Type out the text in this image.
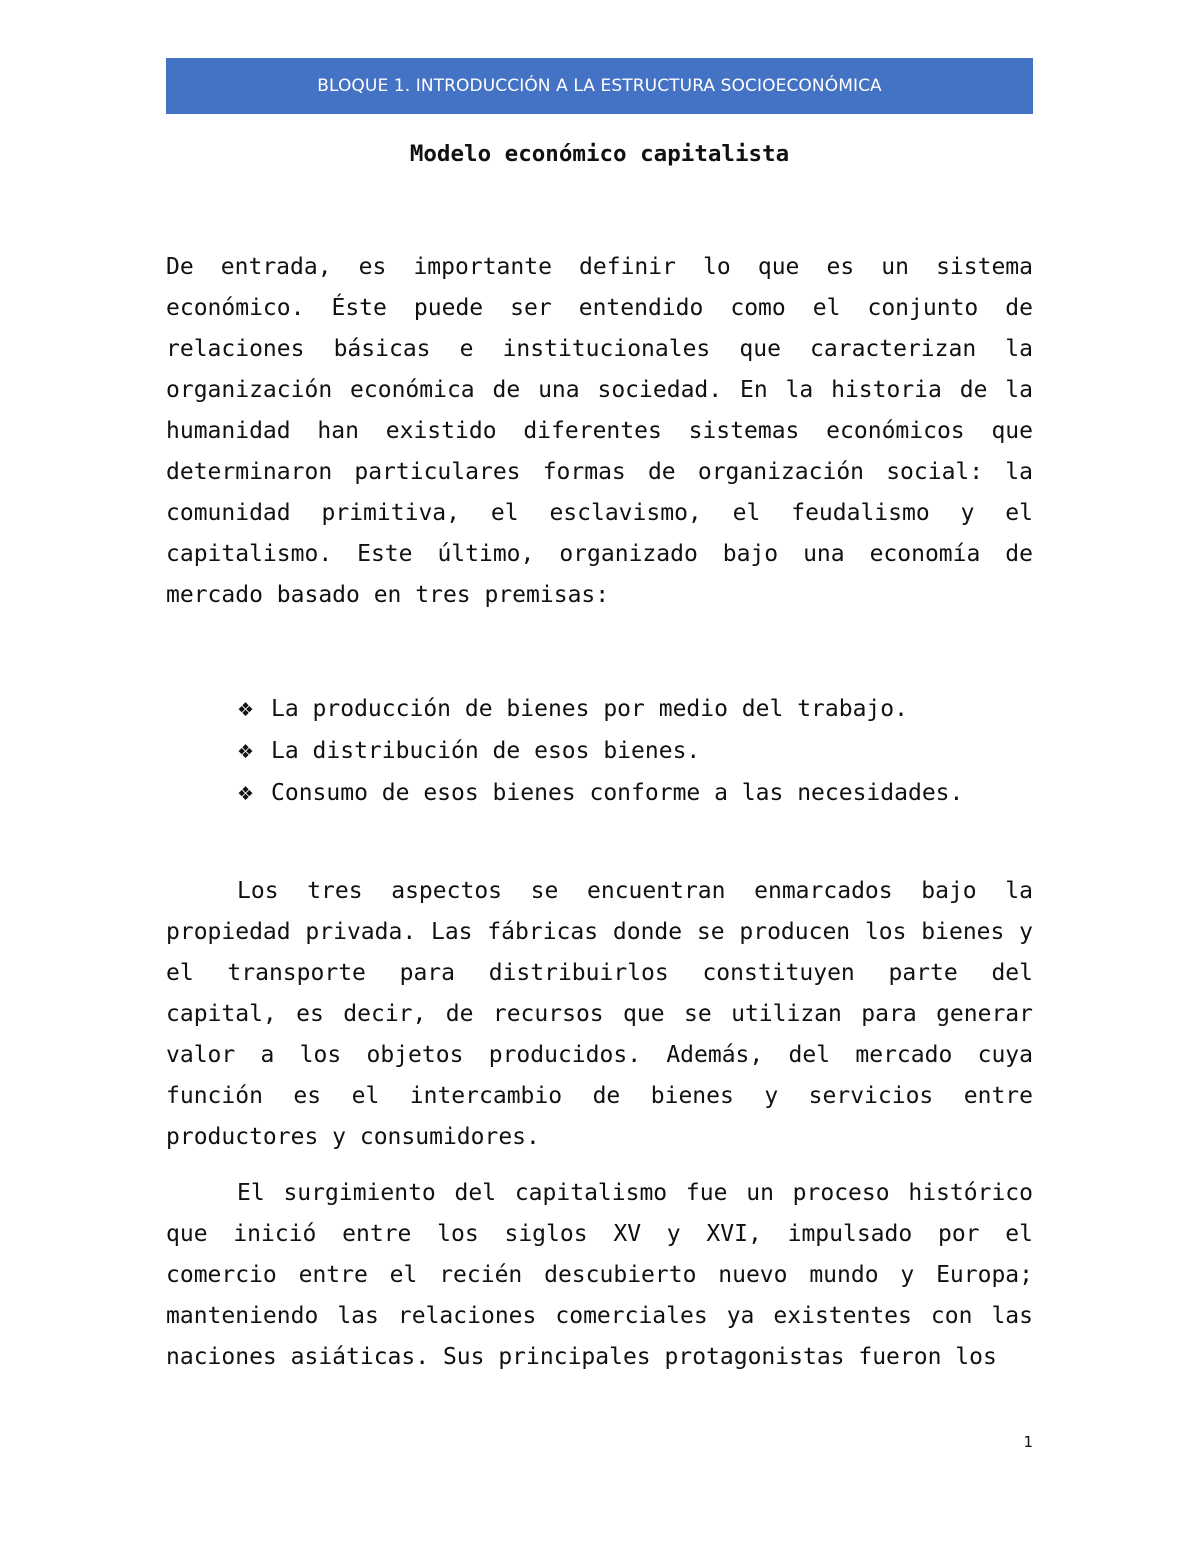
BLOQUE 1. INTRODUCCIÓN A LA ESTRUCTURA SOCIOECONÓMICA
Modelo económico capitalista

De entrada, es importante definir lo que es un sistema económico. Éste puede ser entendido como el conjunto de relaciones básicas e institucionales que caracterizan la organización económica de una sociedad. En la historia de la humanidad han existido diferentes sistemas económicos que determinaron particulares formas de organización social: la comunidad primitiva, el esclavismo, el feudalismo y el capitalismo. Este último, organizado bajo una economía de mercado basado en tres premisas:

❖ La producción de bienes por medio del trabajo.
❖ La distribución de esos bienes.
❖ Consumo de esos bienes conforme a las necesidades.

Los tres aspectos se encuentran enmarcados bajo la propiedad privada. Las fábricas donde se producen los bienes y el transporte para distribuirlos constituyen parte del capital, es decir, de recursos que se utilizan para generar valor a los objetos producidos. Además, del mercado cuya función es el intercambio de bienes y servicios entre productores y consumidores.

El surgimiento del capitalismo fue un proceso histórico que inició entre los siglos XV y XVI, impulsado por el comercio entre el recién descubierto nuevo mundo y Europa; manteniendo las relaciones comerciales ya existentes con las naciones asiáticas. Sus principales protagonistas fueron los

1
